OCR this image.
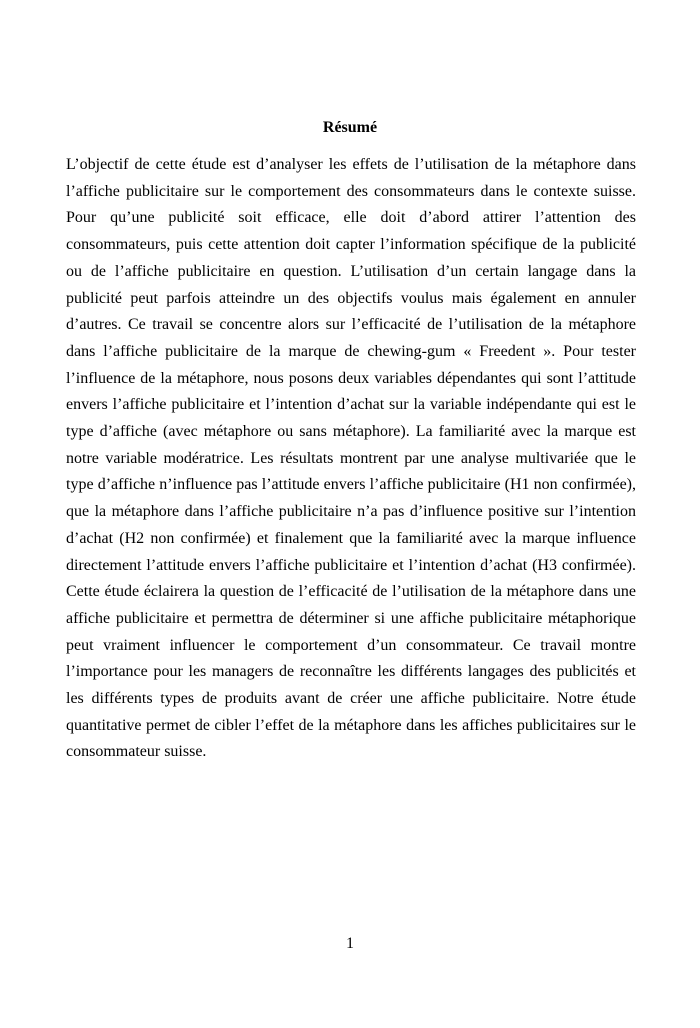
Résumé

L’objectif de cette étude est d’analyser les effets de l’utilisation de la métaphore dans l’affiche publicitaire sur le comportement des consommateurs dans le contexte suisse. Pour qu’une publicité soit efficace, elle doit d’abord attirer l’attention des consommateurs, puis cette attention doit capter l’information spécifique de la publicité ou de l’affiche publicitaire en question. L’utilisation d’un certain langage dans la publicité peut parfois atteindre un des objectifs voulus mais également en annuler d’autres. Ce travail se concentre alors sur l’efficacité de l’utilisation de la métaphore dans l’affiche publicitaire de la marque de chewing-gum « Freedent ». Pour tester l’influence de la métaphore, nous posons deux variables dépendantes qui sont l’attitude envers l’affiche publicitaire et l’intention d’achat sur la variable indépendante qui est le type d’affiche (avec métaphore ou sans métaphore). La familiarité avec la marque est notre variable modératrice. Les résultats montrent par une analyse multivariée que le type d’affiche n’influence pas l’attitude envers l’affiche publicitaire (H1 non confirmée), que la métaphore dans l’affiche publicitaire n’a pas d’influence positive sur l’intention d’achat (H2 non confirmée) et finalement que la familiarité avec la marque influence directement l’attitude envers l’affiche publicitaire et l’intention d’achat (H3 confirmée). Cette étude éclairera la question de l’efficacité de l’utilisation de la métaphore dans une affiche publicitaire et permettra de déterminer si une affiche publicitaire métaphorique peut vraiment influencer le comportement d’un consommateur. Ce travail montre l’importance pour les managers de reconnaître les différents langages des publicités et les différents types de produits avant de créer une affiche publicitaire. Notre étude quantitative permet de cibler l’effet de la métaphore dans les affiches publicitaires sur le consommateur suisse.

1
